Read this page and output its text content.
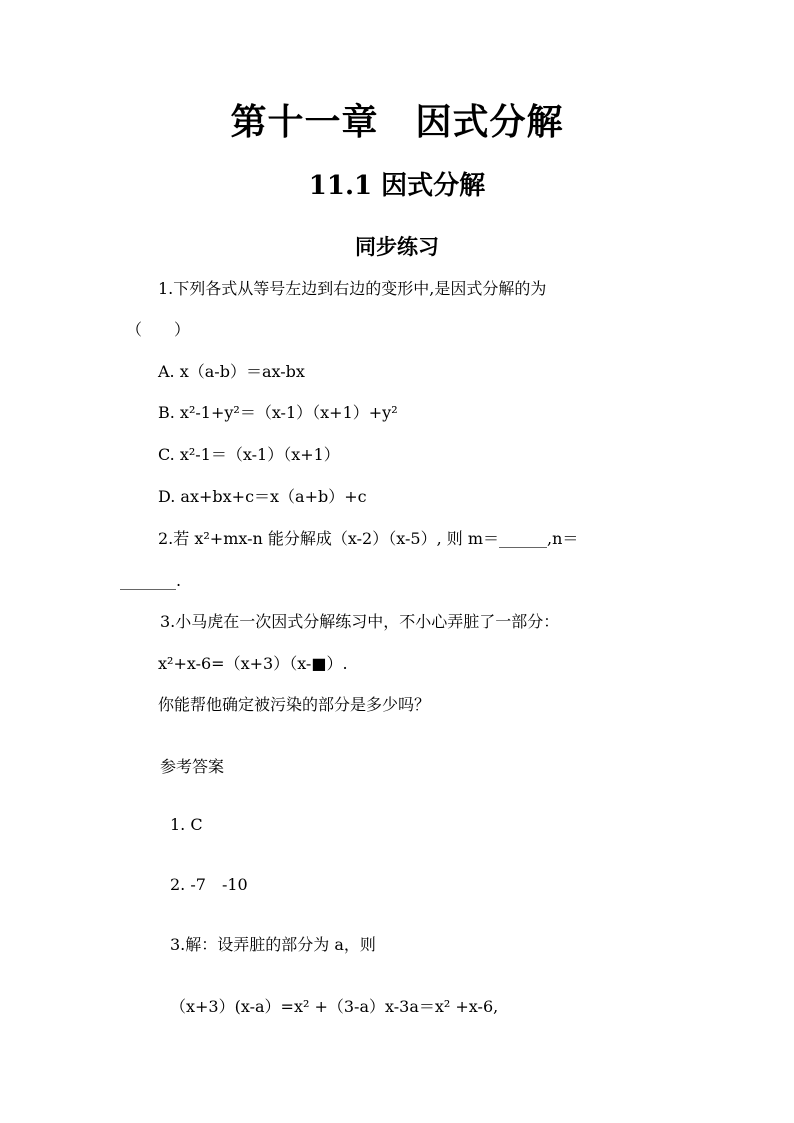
第十一章　因式分解
11.1 因式分解
同步练习
1.下列各式从等号左边到右边的变形中,是因式分解的为
（　　）
A. x（a-b）＝ax-bx
B. x²-1+y²＝（x-1）（x+1）+y²
C. x²-1＝（x-1）（x+1）
D. ax+bx+c＝x（a+b）+c
2.若 x²+mx-n 能分解成（x-2）（x-5）, 则 m＝______,n＝
_______.
3.小马虎在一次因式分解练习中，不小心弄脏了一部分：
x²+x-6=（x+3）（x-■）.
你能帮他确定被污染的部分是多少吗？
参考答案
1. C
2. -7　-10
3.解：设弄脏的部分为 a，则
（x+3）(x-a）=x² +（3-a）x-3a＝x² +x-6,
